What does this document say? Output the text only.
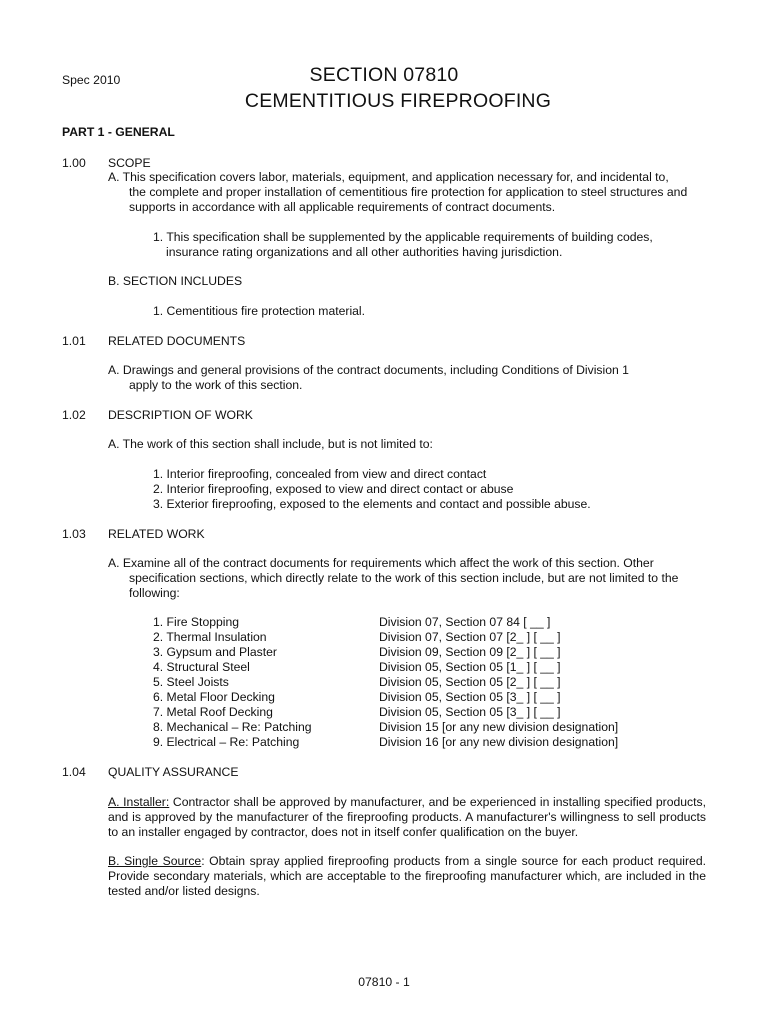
Spec 2010	SECTION 07810
CEMENTITIOUS FIREPROOFING
PART 1 - GENERAL
1.00 SCOPE
A. This specification covers labor, materials, equipment, and application necessary for, and incidental to,
the complete and proper installation of cementitious fire protection for application to steel structures and
supports in accordance with all applicable requirements of contract documents.
1. This specification shall be supplemented by the applicable requirements of building codes,
insurance rating organizations and all other authorities having jurisdiction.
B. SECTION INCLUDES
1. Cementitious fire protection material.
1.01 RELATED DOCUMENTS
A. Drawings and general provisions of the contract documents, including Conditions of Division 1
apply to the work of this section.
1.02 DESCRIPTION OF WORK
A. The work of this section shall include, but is not limited to:
1. Interior fireproofing, concealed from view and direct contact
2. Interior fireproofing, exposed to view and direct contact or abuse
3. Exterior fireproofing, exposed to the elements and contact and possible abuse.
1.03 RELATED WORK
A. Examine all of the contract documents for requirements which affect the work of this section. Other
specification sections, which directly relate to the work of this section include, but are not limited to the
following:
1. Fire Stopping	Division 07, Section 07 84 [ __ ]
2. Thermal Insulation	Division 07, Section 07 [2_ ] [ __ ]
3. Gypsum and Plaster	Division 09, Section 09 [2_ ] [ __ ]
4. Structural Steel	Division 05, Section 05 [1_ ] [ __ ]
5. Steel Joists	Division 05, Section 05 [2_ ] [ __ ]
6. Metal Floor Decking	Division 05, Section 05 [3_ ] [ __ ]
7. Metal Roof Decking	Division 05, Section 05 [3_ ] [ __ ]
8. Mechanical – Re: Patching	Division 15 [or any new division designation]
9. Electrical – Re: Patching	Division 16 [or any new division designation]
1.04 QUALITY ASSURANCE
A. Installer: Contractor shall be approved by manufacturer, and be experienced in installing specified products, and is approved by the manufacturer of the fireproofing products. A manufacturer's willingness to sell products to an installer engaged by contractor, does not in itself confer qualification on the buyer.
B. Single Source: Obtain spray applied fireproofing products from a single source for each product required. Provide secondary materials, which are acceptable to the fireproofing manufacturer which, are included in the tested and/or listed designs.
07810 - 1
